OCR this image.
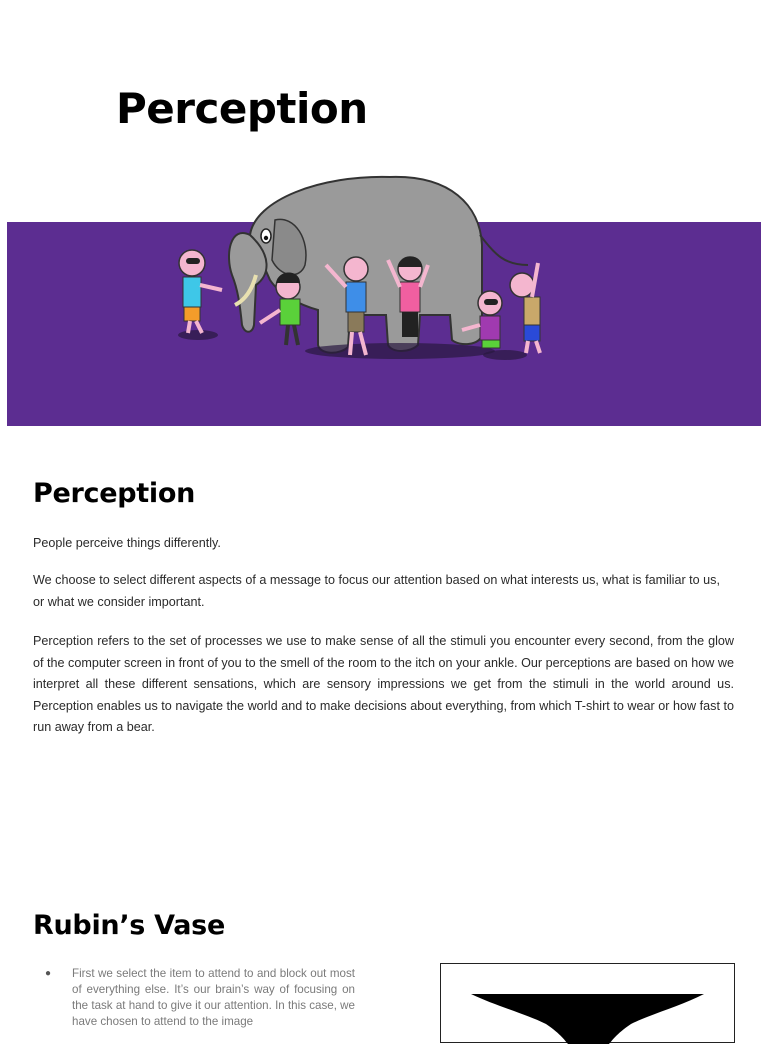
Perception
Perception

People perceive things differently.

We choose to select different aspects of a message to focus our attention based on what interests us, what is familiar to us, or what we consider important.

Perception refers to the set of processes we use to make sense of all the stimuli you encounter every second, from the glow of the computer screen in front of you to the smell of the room to the itch on your ankle. Our perceptions are based on how we interpret all these different sensations, which are sensory impressions we get from the stimuli in the world around us. Perception enables us to navigate the world and to make decisions about everything, from which T-shirt to wear or how fast to run away from a bear.

Rubin’s Vase
● First we select the item to attend to and block out most of everything else. It’s our brain’s way of focusing on the task at hand to give it our attention. In this case, we have chosen to attend to the image
